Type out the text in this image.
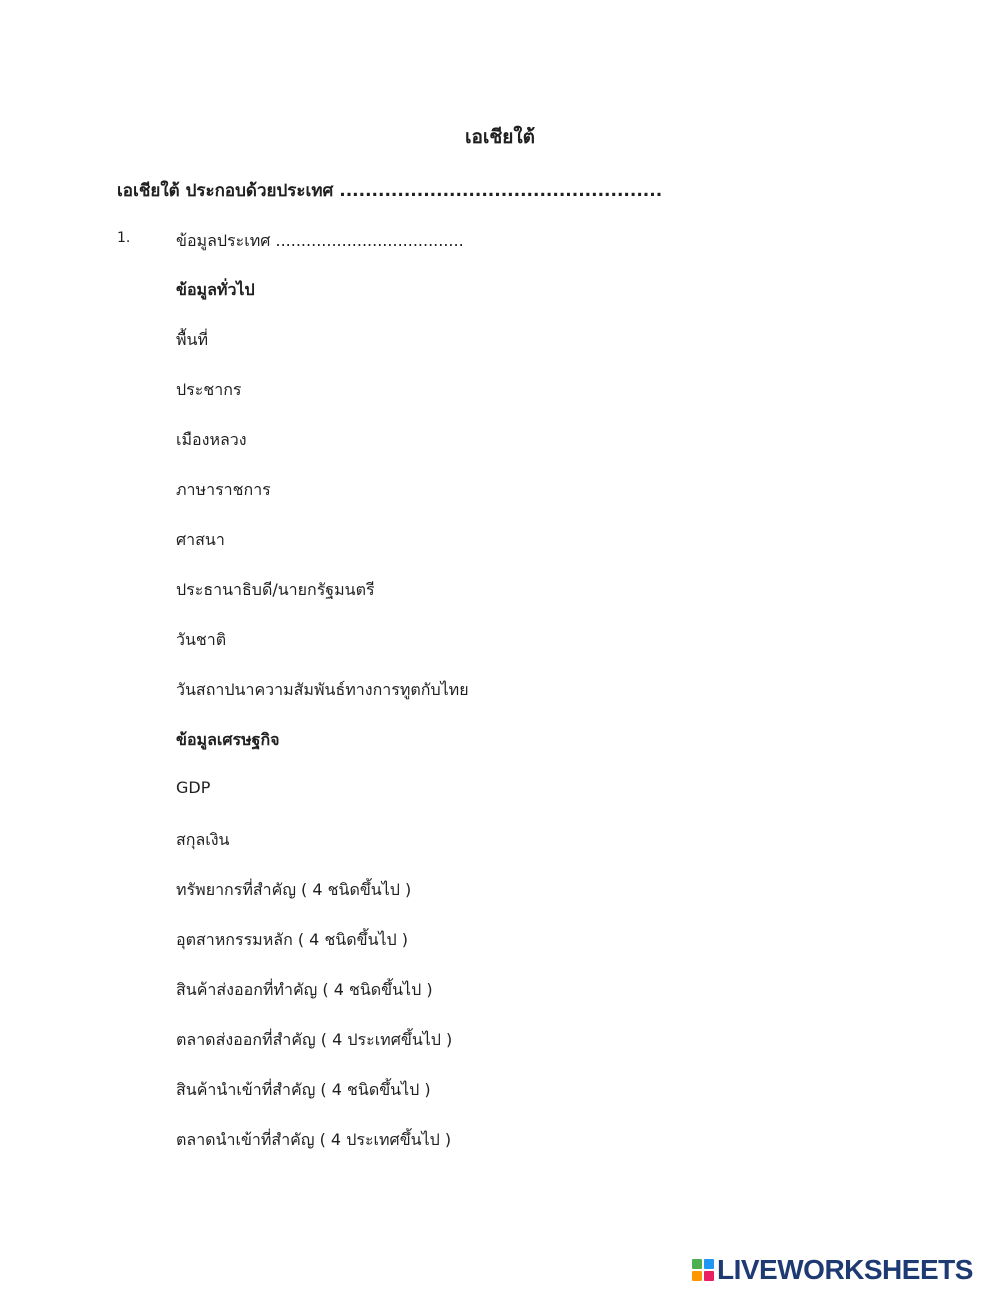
เอเชียใต้
เอเชียใต้ ประกอบด้วยประเทศ ..................................................
1.	ข้อมูลประเทศ .....................................
ข้อมูลทั่วไป
พื้นที่
ประชากร
เมืองหลวง
ภาษาราชการ
ศาสนา
ประธานาธิบดี/นายกรัฐมนตรี
วันชาติ
วันสถาปนาความสัมพันธ์ทางการทูตกับไทย
ข้อมูลเศรษฐกิจ
GDP
สกุลเงิน
ทรัพยากรที่สำคัญ ( 4 ชนิดขึ้นไป )
อุตสาหกรรมหลัก ( 4 ชนิดขึ้นไป )
สินค้าส่งออกที่ทำคัญ ( 4 ชนิดขึ้นไป )
ตลาดส่งออกที่สำคัญ ( 4 ประเทศขึ้นไป )
สินค้านำเข้าที่สำคัญ ( 4 ชนิดขึ้นไป )
ตลาดนำเข้าที่สำคัญ ( 4 ประเทศขึ้นไป )
LIVEWORKSHEETS
